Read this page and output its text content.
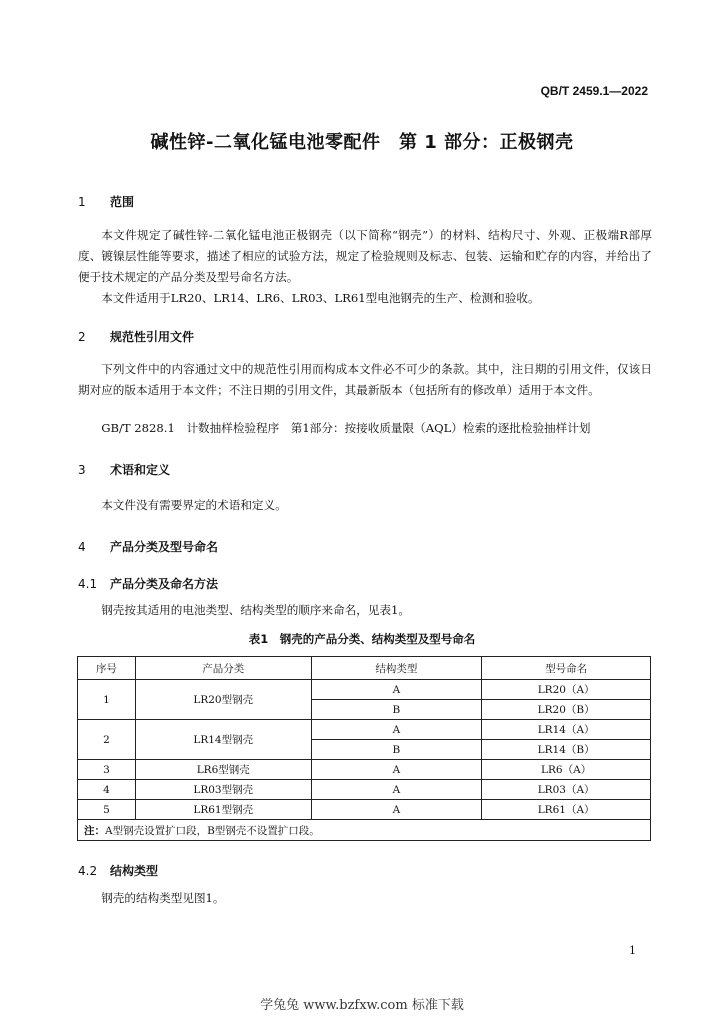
QB/T 2459.1—2022
碱性锌-二氧化锰电池零配件　第 1 部分：正极钢壳
1 范围
本文件规定了碱性锌-二氧化锰电池正极钢壳（以下简称“钢壳”）的材料、结构尺寸、外观、正极端R部厚度、镀镍层性能等要求，描述了相应的试验方法，规定了检验规则及标志、包装、运输和贮存的内容，并给出了便于技术规定的产品分类及型号命名方法。
本文件适用于LR20、LR14、LR6、LR03、LR61型电池钢壳的生产、检测和验收。
2 规范性引用文件
下列文件中的内容通过文中的规范性引用而构成本文件必不可少的条款。其中，注日期的引用文件，仅该日期对应的版本适用于本文件；不注日期的引用文件，其最新版本（包括所有的修改单）适用于本文件。
GB/T 2828.1　计数抽样检验程序　第1部分：按接收质量限（AQL）检索的逐批检验抽样计划
3 术语和定义
本文件没有需要界定的术语和定义。
4 产品分类及型号命名
4.1 产品分类及命名方法
钢壳按其适用的电池类型、结构类型的顺序来命名，见表1。
表1　钢壳的产品分类、结构类型及型号命名
序号	产品分类	结构类型	型号命名
1	LR20型钢壳	A	LR20（A）
		B	LR20（B）
2	LR14型钢壳	A	LR14（A）
		B	LR14（B）
3	LR6型钢壳	A	LR6（A）
4	LR03型钢壳	A	LR03（A）
5	LR61型钢壳	A	LR61（A）
注：A型钢壳设置扩口段，B型钢壳不设置扩口段。			
4.2 结构类型
钢壳的结构类型见图1。
1
学兔兔 www.bzfxw.com 标准下载
